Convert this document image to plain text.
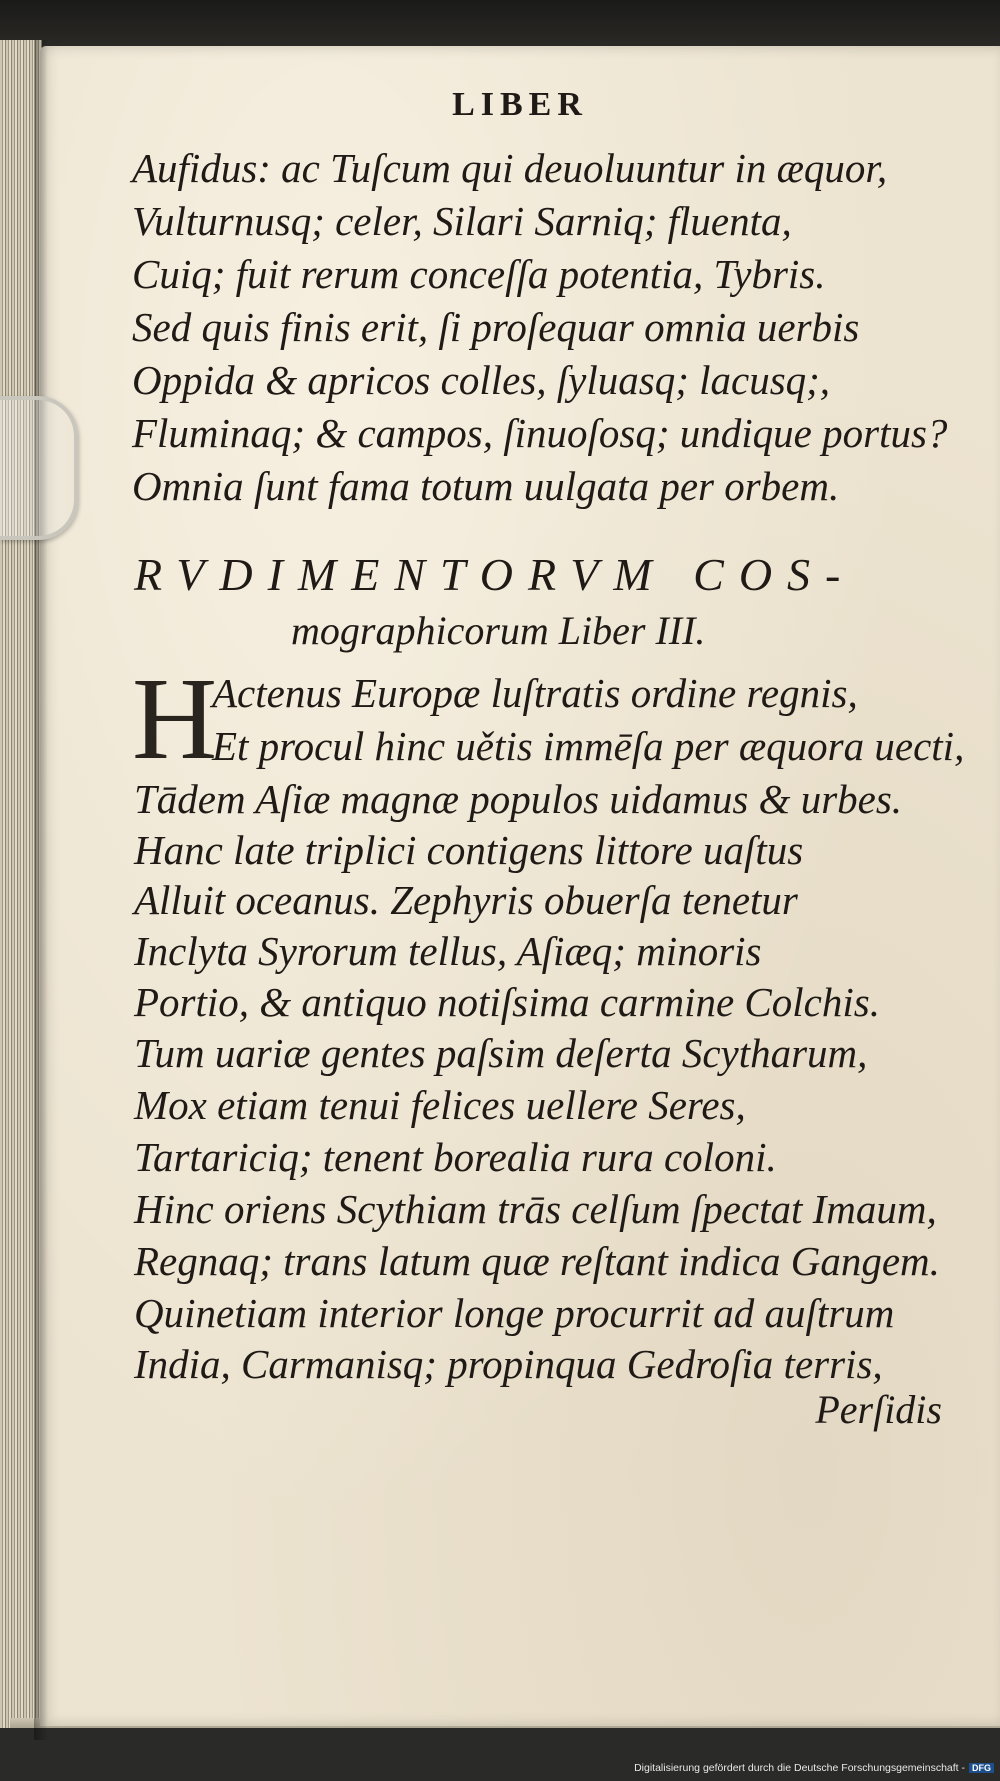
LIBER
Aufidus: ac Tuſcum qui deuoluuntur in æquor,
Vulturnusq; celer, Silari Sarniq; fluenta,
Cuiq; fuit rerum conceſſa potentia, Tybris.
Sed quis finis erit, ſi proſequar omnia uerbis
Oppida & apricos colles, ſyluasq; lacusq;,
Fluminaq; & campos, ſinuoſosq; undique portus?
Omnia ſunt fama totum uulgata per orbem.
RVDIMENTORVM COS-
mographicorum Liber III.
H
Actenus Europæ luſtratis ordine regnis,
Et procul hinc uětis immēſa per æquora uecti,
Tādem Aſiæ magnæ populos uidamus & urbes.
Hanc late triplici contigens littore uaſtus
Alluit oceanus. Zephyris obuerſa tenetur
Inclyta Syrorum tellus, Aſiæq; minoris
Portio, & antiquo notiſsima carmine Colchis.
Tum uariæ gentes paſsim deſerta Scytharum,
Mox etiam tenui felices uellere Seres,
Tartariciq; tenent borealia rura coloni.
Hinc oriens Scythiam trās celſum ſpectat Imaum,
Regnaq; trans latum quæ reſtant indica Gangem.
Quinetiam interior longe procurrit ad auſtrum
India, Carmanisq; propinqua Gedroſia terris,
Perſidis
Digitalisierung gefördert durch die Deutsche Forschungsgemeinschaft - DFG
